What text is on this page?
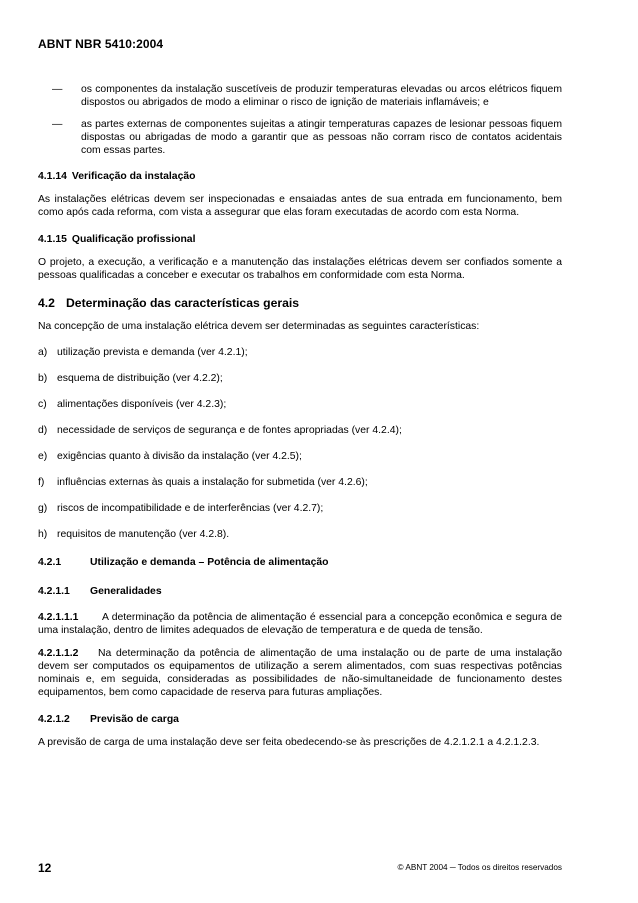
ABNT NBR 5410:2004
— os componentes da instalação suscetíveis de produzir temperaturas elevadas ou arcos elétricos fiquem dispostos ou abrigados de modo a eliminar o risco de ignição de materiais inflamáveis; e
— as partes externas de componentes sujeitas a atingir temperaturas capazes de lesionar pessoas fiquem dispostas ou abrigadas de modo a garantir que as pessoas não corram risco de contatos acidentais com essas partes.
4.1.14 Verificação da instalação
As instalações elétricas devem ser inspecionadas e ensaiadas antes de sua entrada em funcionamento, bem como após cada reforma, com vista a assegurar que elas foram executadas de acordo com esta Norma.
4.1.15 Qualificação profissional
O projeto, a execução, a verificação e a manutenção das instalações elétricas devem ser confiados somente a pessoas qualificadas a conceber e executar os trabalhos em conformidade com esta Norma.
4.2 Determinação das características gerais
Na concepção de uma instalação elétrica devem ser determinadas as seguintes características:
a) utilização prevista e demanda (ver 4.2.1);
b) esquema de distribuição (ver 4.2.2);
c) alimentações disponíveis (ver 4.2.3);
d) necessidade de serviços de segurança e de fontes apropriadas (ver 4.2.4);
e) exigências quanto à divisão da instalação (ver 4.2.5);
f) influências externas às quais a instalação for submetida (ver 4.2.6);
g) riscos de incompatibilidade e de interferências (ver 4.2.7);
h) requisitos de manutenção (ver 4.2.8).
4.2.1	Utilização e demanda – Potência de alimentação
4.2.1.1 Generalidades
4.2.1.1.1 A determinação da potência de alimentação é essencial para a concepção econômica e segura de uma instalação, dentro de limites adequados de elevação de temperatura e de queda de tensão.
4.2.1.1.2 Na determinação da potência de alimentação de uma instalação ou de parte de uma instalação devem ser computados os equipamentos de utilização a serem alimentados, com suas respectivas potências nominais e, em seguida, consideradas as possibilidades de não-simultaneidade de funcionamento destes equipamentos, bem como capacidade de reserva para futuras ampliações.
4.2.1.2 Previsão de carga
A previsão de carga de uma instalação deve ser feita obedecendo-se às prescrições de 4.2.1.2.1 a 4.2.1.2.3.
12	© ABNT 2004 ─ Todos os direitos reservados
